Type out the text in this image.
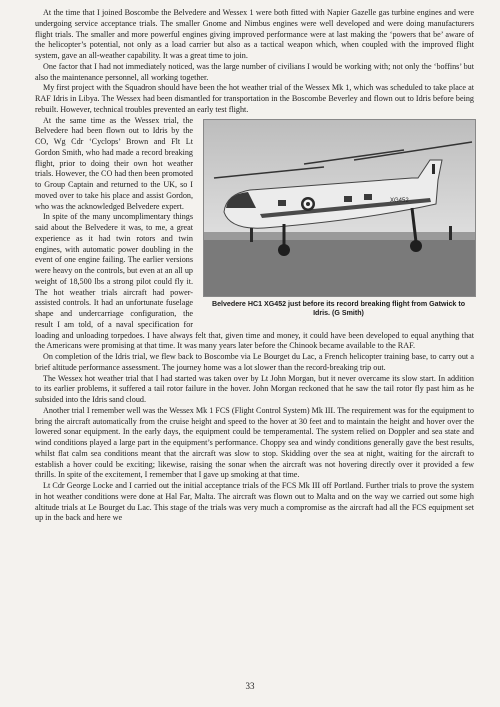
At the time that I joined Boscombe the Belvedere and Wessex 1 were both fitted with Napier Gazelle gas turbine engines and were undergoing service acceptance trials. The smaller Gnome and Nimbus engines were well developed and were doing manufacturers flight trials. The smaller and more powerful engines giving improved performance were at last making the ‘powers that be’ aware of the helicopter’s potential, not only as a load carrier but also as a tactical weapon which, when coupled with the improved flight system, gave an all-weather capability. It was a great time to join.

One factor that I had not immediately noticed, was the large number of civilians I would be working with; not only the ‘boffins’ but also the maintenance personnel, all working together.

My first project with the Squadron should have been the hot weather trial of the Wessex Mk 1, which was scheduled to take place at RAF Idris in Libya. The Wessex had been dismantled for transportation in the Boscombe Beverley and flown out to Idris before being rebuilt. However, technical troubles prevented an early test flight.

XG452
Belvedere HC1 XG452 just before its record breaking flight from Gatwick to Idris. (G Smith)

At the same time as the Wessex trial, the Belvedere had been flown out to Idris by the CO, Wg Cdr ‘Cyclops’ Brown and Flt Lt Gordon Smith, who had made a record breaking flight, prior to doing their own hot weather trials. However, the CO had then been promoted to Group Captain and returned to the UK, so I moved over to take his place and assist Gordon, who was the acknowledged Belvedere expert.

In spite of the many uncomplimentary things said about the Belvedere it was, to me, a great experience as it had twin rotors and twin engines, with automatic power doubling in the event of one engine failing. The earlier versions were heavy on the controls, but even at an all up weight of 18,500 lbs a strong pilot could fly it. The hot weather trials aircraft had power-assisted controls. It had an unfortunate fuselage shape and undercarriage configuration, the result I am told, of a naval specification for loading and unloading torpedoes. I have always felt that, given time and money, it could have been developed to equal anything that the Americans were promising at that time. It was many years later before the Chinook became available to the RAF.

On completion of the Idris trial, we flew back to Boscombe via Le Bourget du Lac, a French helicopter training base, to carry out a brief altitude performance assessment. The journey home was a lot slower than the record-breaking trip out.

The Wessex hot weather trial that I had started was taken over by Lt John Morgan, but it never overcame its slow start. In addition to its earlier problems, it suffered a tail rotor failure in the hover. John Morgan reckoned that he saw the tail rotor fly past him as he subsided into the Idris sand cloud.

Another trial I remember well was the Wessex Mk 1 FCS (Flight Control System) Mk III. The requirement was for the equipment to bring the aircraft automatically from the cruise height and speed to the hover at 30 feet and to maintain the height and hover over the lowered sonar equipment. In the early days, the equipment could be temperamental. The system relied on Doppler and sea state and wind conditions played a large part in the equipment’s performance. Choppy sea and windy conditions generally gave the best results, whilst flat calm sea conditions meant that the aircraft was slow to stop. Skidding over the sea at night, waiting for the aircraft to establish a hover could be exciting; likewise, raising the sonar when the aircraft was not hovering directly over it provided a few thrills. In spite of the excitement, I remember that I gave up smoking at that time.

Lt Cdr George Locke and I carried out the initial acceptance trials of the FCS Mk III off Portland. Further trials to prove the system in hot weather conditions were done at Hal Far, Malta. The aircraft was flown out to Malta and on the way we carried out some high altitude trials at Le Bourget du Lac. This stage of the trials was very much a compromise as the aircraft had all the FCS equipment set up in the back and here we

33
